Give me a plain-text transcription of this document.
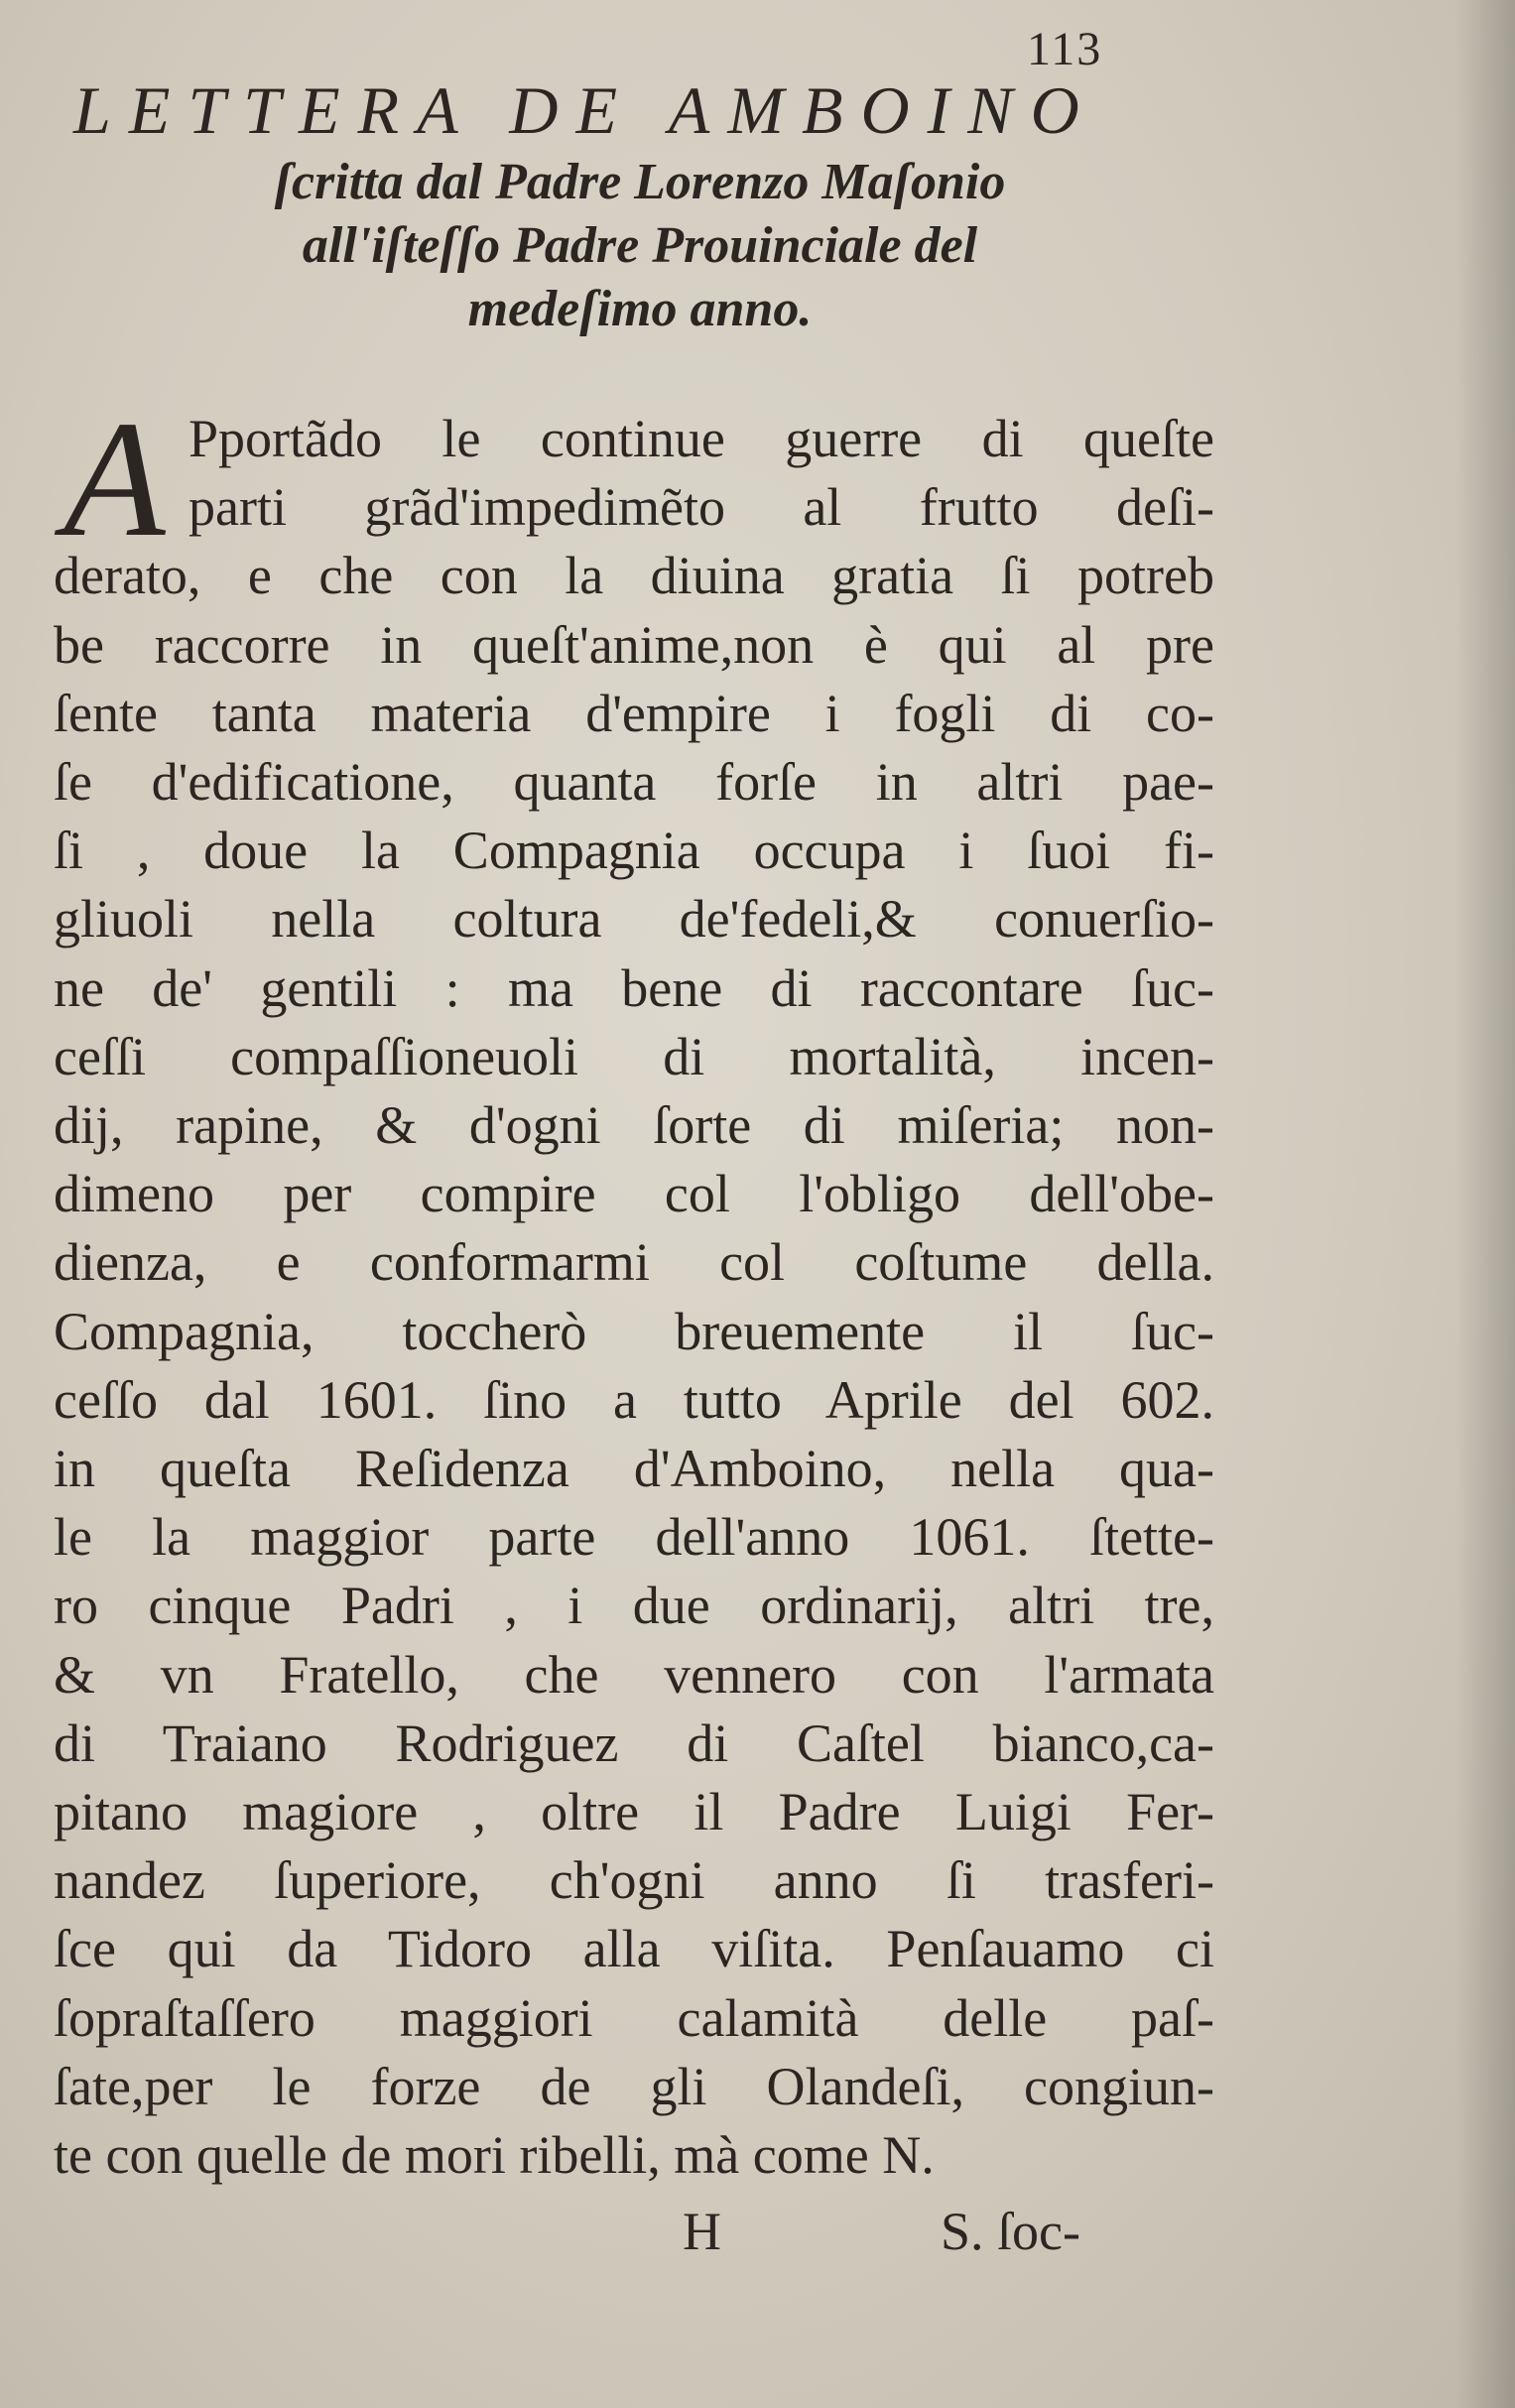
113
LETTERA DE AMBOINO
ſcritta dal Padre Lorenzo Maſonio
all'iſteſſo Padre Prouinciale del
medeſimo anno.
A Pportãdo le continue guerre di queſte
parti grãd'impedimẽto al frutto deſi-
derato, e che con la diuina gratia ſi potreb
be raccorre in queſt'anime,non è qui al pre
ſente tanta materia d'empire i fogli di co-
ſe d'edificatione, quanta forſe in altri pae-
ſi , doue la Compagnia occupa i ſuoi fi-
gliuoli nella coltura de'fedeli,& conuerſio-
ne de' gentili : ma bene di raccontare ſuc-
ceſſi compaſſioneuoli di mortalità, incen-
dij, rapine, & d'ogni ſorte di miſeria; non-
dimeno per compire col l'obligo dell'obe-
dienza, e conformarmi col coſtume della.
Compagnia, toccherò breuemente il ſuc-
ceſſo dal 1601. ſino a tutto Aprile del 602.
in queſta Reſidenza d'Amboino, nella qua-
le la maggior parte dell'anno 1061. ſtette-
ro cinque Padri , i due ordinarij, altri tre,
& vn Fratello, che vennero con l'armata
di Traiano Rodriguez di Caſtel bianco,ca-
pitano magiore , oltre il Padre Luigi Fer-
nandez ſuperiore, ch'ogni anno ſi trasferi-
ſce qui da Tidoro alla viſita. Penſauamo ci
ſopraſtaſſero maggiori calamità delle paſ-
ſate,per le forze de gli Olandeſi, congiun-
te con quelle de mori ribelli, mà come N.
H	S. ſoc-
